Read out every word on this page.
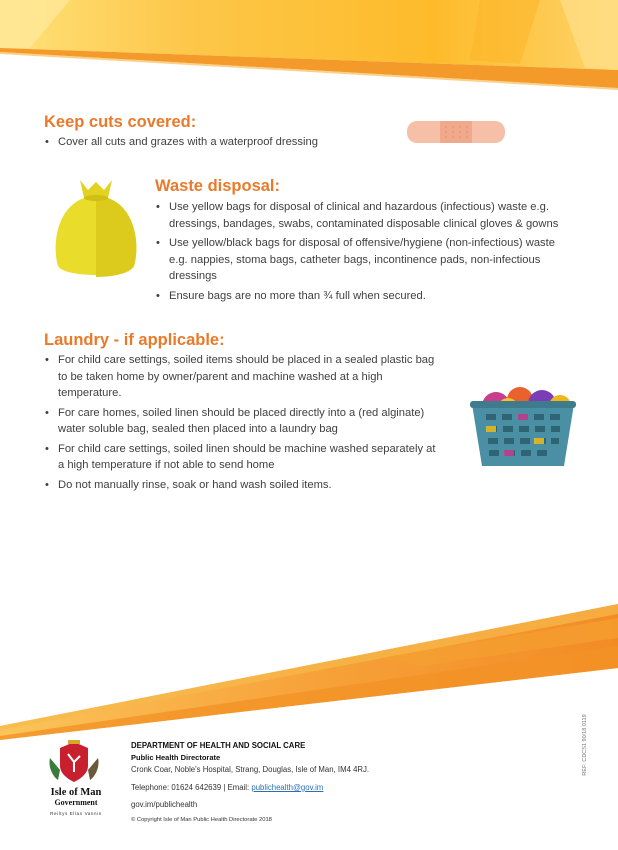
Keep cuts covered:
• Cover all cuts and grazes with a waterproof dressing
Waste disposal:
• Use yellow bags for disposal of clinical and hazardous (infectious) waste e.g. dressings, bandages, swabs, contaminated disposable clinical gloves & gowns
• Use yellow/black bags for disposal of offensive/hygiene (non-infectious) waste e.g. nappies, stoma bags, catheter bags, incontinence pads, non-infectious dressings
• Ensure bags are no more than ¾ full when secured.
Laundry - if applicable:
• For child care settings, soiled items should be placed in a sealed plastic bag to be taken home by owner/parent and machine washed at a high temperature.
• For care homes, soiled linen should be placed directly into a (red alginate) water soluble bag, sealed then placed into a laundry bag
• For child care settings, soiled linen should be machine washed separately at a high temperature if not able to send home
• Do not manually rinse, soak or hand wash soiled items.
Isle of Man
Government
Reiltys Ellan Vannin
DEPARTMENT OF HEALTH AND SOCIAL CARE
Public Health Directorate
Cronk Coar, Noble's Hospital, Strang, Douglas, Isle of Man, IM4 4RJ.
Telephone: 01624 642639 | Email: publichealth@gov.im
gov.im/publichealth
© Copyright Isle of Man Public Health Directorate 2018
REF: CDCS1 90/18 0119
